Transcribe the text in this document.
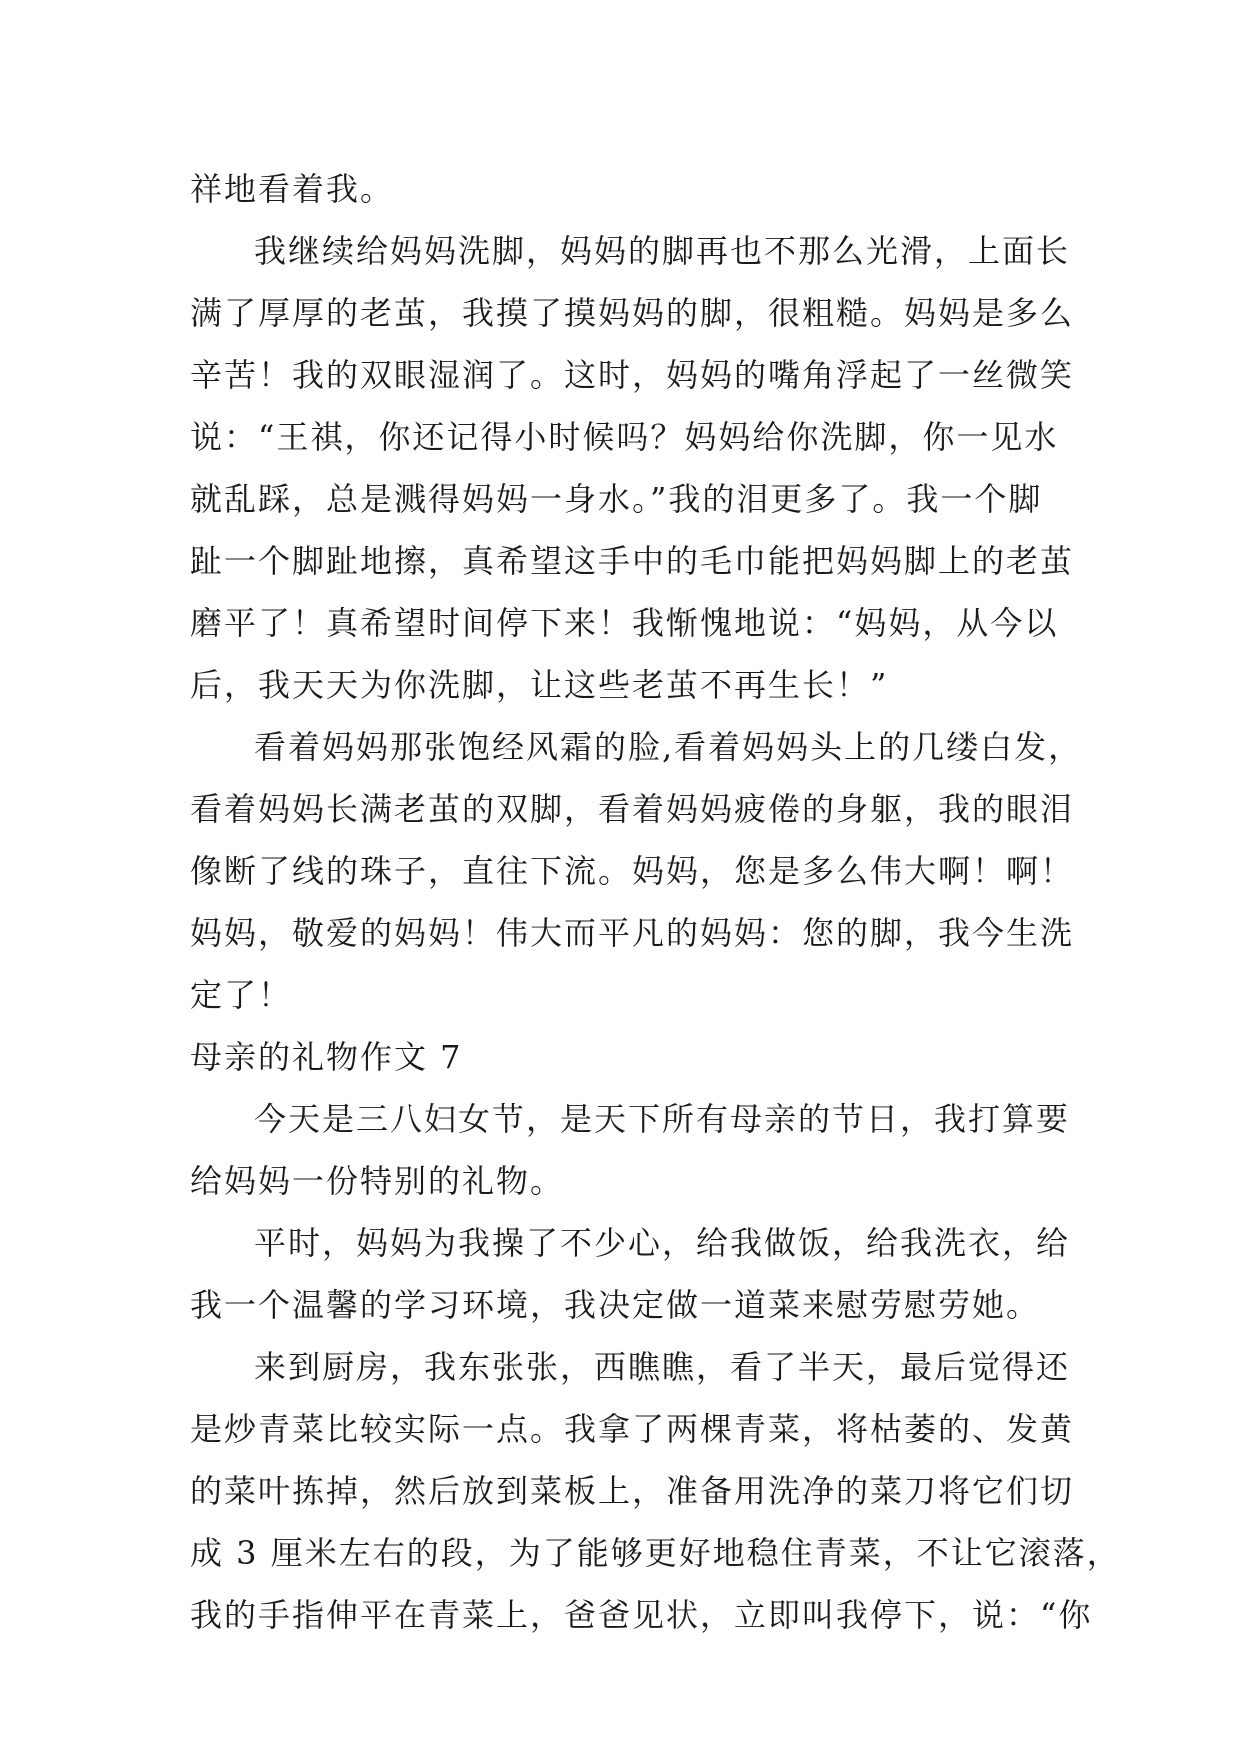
祥地看着我。
我继续给妈妈洗脚，妈妈的脚再也不那么光滑，上面长
满了厚厚的老茧，我摸了摸妈妈的脚，很粗糙。妈妈是多么
辛苦！我的双眼湿润了。这时，妈妈的嘴角浮起了一丝微笑
说：“王祺，你还记得小时候吗？妈妈给你洗脚，你一见水
就乱踩，总是溅得妈妈一身水。”我的泪更多了。我一个脚
趾一个脚趾地擦，真希望这手中的毛巾能把妈妈脚上的老茧
磨平了！真希望时间停下来！我惭愧地说：“妈妈，从今以
后，我天天为你洗脚，让这些老茧不再生长！”
看着妈妈那张饱经风霜的脸,看着妈妈头上的几缕白发，
看着妈妈长满老茧的双脚，看着妈妈疲倦的身躯，我的眼泪
像断了线的珠子，直往下流。妈妈，您是多么伟大啊！啊！
妈妈，敬爱的妈妈！伟大而平凡的妈妈：您的脚，我今生洗
定了！
母亲的礼物作文 7
今天是三八妇女节，是天下所有母亲的节日，我打算要
给妈妈一份特别的礼物。
平时，妈妈为我操了不少心，给我做饭，给我洗衣，给
我一个温馨的学习环境，我决定做一道菜来慰劳慰劳她。
来到厨房，我东张张，西瞧瞧，看了半天，最后觉得还
是炒青菜比较实际一点。我拿了两棵青菜，将枯萎的、发黄
的菜叶拣掉，然后放到菜板上，准备用洗净的菜刀将它们切
成 3 厘米左右的段，为了能够更好地稳住青菜，不让它滚落，
我的手指伸平在青菜上，爸爸见状，立即叫我停下，说：“你
